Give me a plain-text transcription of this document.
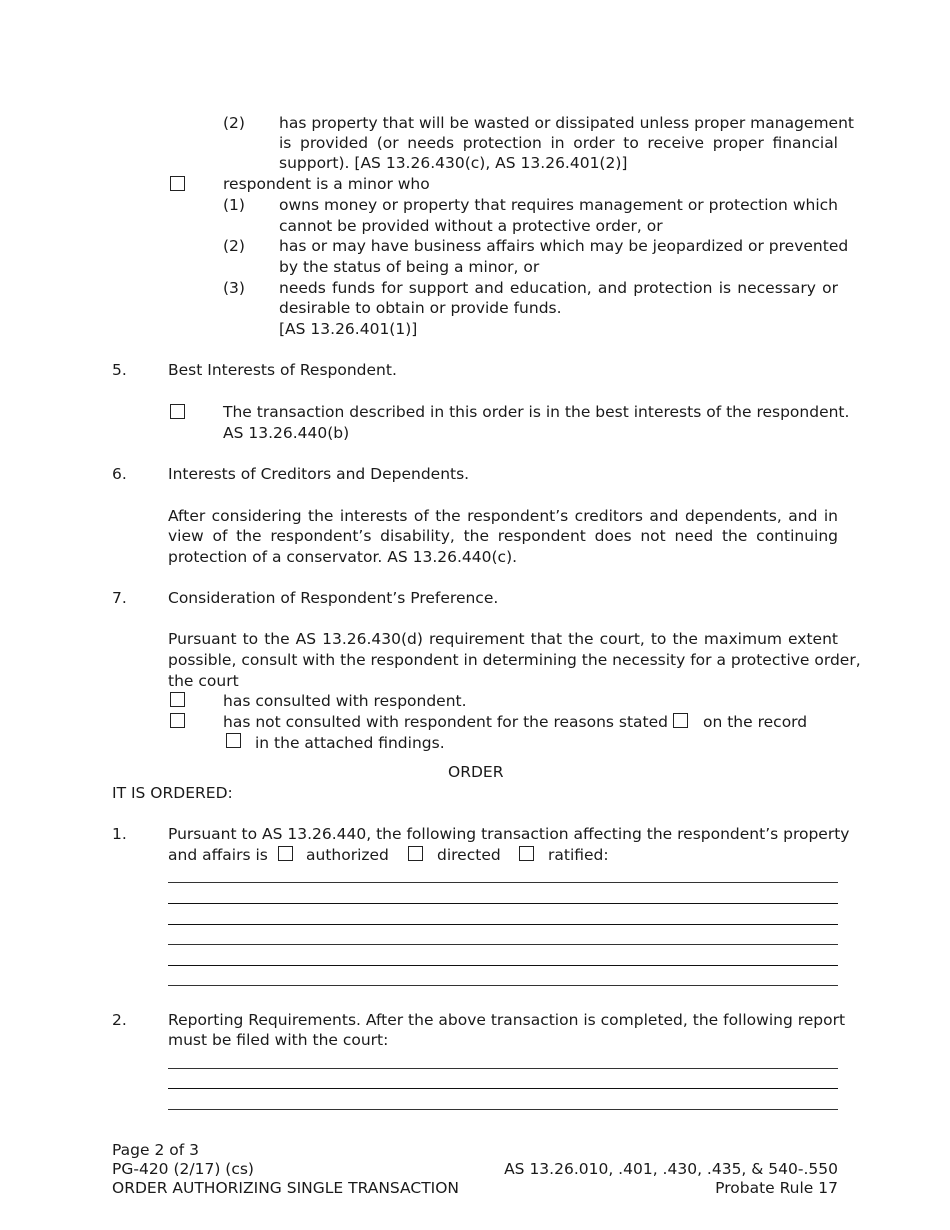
(2) has property that will be wasted or dissipated unless proper management
is provided (or needs protection in order to receive proper financial
support). [AS 13.26.430(c), AS 13.26.401(2)]
respondent is a minor who
(1) owns money or property that requires management or protection which
cannot be provided without a protective order, or
(2) has or may have business affairs which may be jeopardized or prevented
by the status of being a minor, or
(3) needs funds for support and education, and protection is necessary or
desirable to obtain or provide funds.
[AS 13.26.401(1)]
5.	Best Interests of Respondent.
The transaction described in this order is in the best interests of the respondent.
AS 13.26.440(b)
6.	Interests of Creditors and Dependents.
After considering the interests of the respondent’s creditors and dependents, and in
view of the respondent’s disability, the respondent does not need the continuing
protection of a conservator. AS 13.26.440(c).
7.	Consideration of Respondent’s Preference.
Pursuant to the AS 13.26.430(d) requirement that the court, to the maximum extent
possible, consult with the respondent in determining the necessity for a protective order,
the court
has consulted with respondent.
has not consulted with respondent for the reasons stated on the record
in the attached findings.
ORDER
IT IS ORDERED:
1.	Pursuant to AS 13.26.440, the following transaction affecting the respondent’s property
and affairs is authorized	directed	ratified:
2.	Reporting Requirements. After the above transaction is completed, the following report
must be filed with the court:
Page 2 of 3
PG-420 (2/17) (cs)
ORDER AUTHORIZING SINGLE TRANSACTION
AS 13.26.010, .401, .430, .435, & 540-.550
Probate Rule 17
